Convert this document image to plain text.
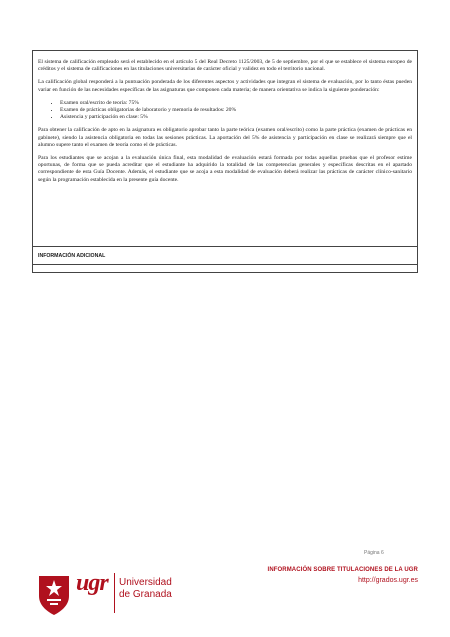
El sistema de calificación empleado será el establecido en el artículo 5 del Real Decreto 1125/2003, de 5 de septiembre, por el que se establece el sistema europeo de créditos y el sistema de calificaciones en las titulaciones universitarias de carácter oficial y validez en todo el territorio nacional.

La calificación global responderá a la puntuación ponderada de los diferentes aspectos y actividades que integran el sistema de evaluación, por lo tanto éstas pueden variar en función de las necesidades específicas de las asignaturas que componen cada materia; de manera orientativa se indica la siguiente ponderación:

• Examen oral/escrito de teoría: 75%
• Examen de prácticas obligatorias de laboratorio y memoria de resultados: 20%
• Asistencia y participación en clase: 5%

Para obtener la calificación de apto en la asignatura es obligatorio aprobar tanto la parte teórica (examen oral/escrito) como la parte práctica (examen de prácticas en gabinete), siendo la asistencia obligatoria en todas las sesiones prácticas. La aportación del 5% de asistencia y participación en clase se realizará siempre que el alumno supere tanto el examen de teoría como el de prácticas.

Para los estudiantes que se acojan a la evaluación única final, esta modalidad de evaluación estará formada por todas aquellas pruebas que el profesor estime oportunas, de forma que se pueda acreditar que el estudiante ha adquirido la totalidad de las competencias generales y específicas descritas en el apartado correspondiente de esta Guía Docente. Además, el estudiante que se acoja a esta modalidad de evaluación deberá realizar las prácticas de carácter clínico-sanitario según la programación establecida en la presente guía docente.

INFORMACIÓN ADICIONAL
Página 6
ugr Universidad
de Granada
INFORMACIÓN SOBRE TITULACIONES DE LA UGR
http://grados.ugr.es
